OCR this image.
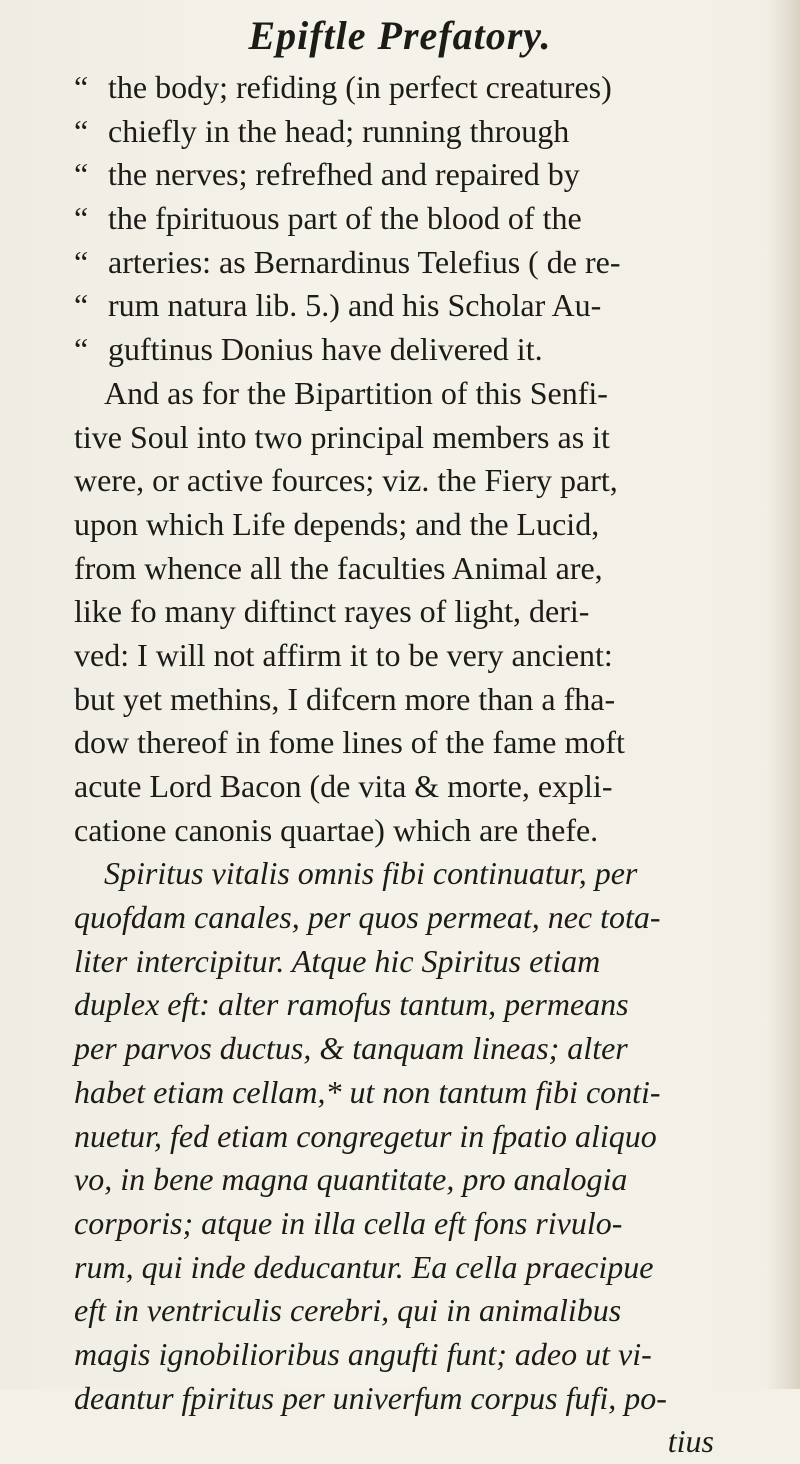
Epiftle Prefatory.
“ the body; refiding (in perfect creatures)
“ chiefly in the head; running through
“ the nerves; refrefhed and repaired by
“ the fpirituous part of the blood of the
“ arteries: as Bernardinus Telefius ( de re-
“ rum natura lib. 5.) and his Scholar Au-
“ guftinus Donius have delivered it.
And as for the Bipartition of this Senfi-
tive Soul into two principal members as it
were, or active fources; viz. the Fiery part,
upon which Life depends; and the Lucid,
from whence all the faculties Animal are,
like fo many diftinct rayes of light, deri-
ved: I will not affirm it to be very ancient:
but yet methins, I difcern more than a fha-
dow thereof in fome lines of the fame moft
acute Lord Bacon (de vita & morte, expli-
catione canonis quartae) which are thefe.
Spiritus vitalis omnis fibi continuatur, per
quofdam canales, per quos permeat, nec tota-
liter intercipitur. Atque hic Spiritus etiam
duplex eft: alter ramofus tantum, permeans
per parvos ductus, & tanquam lineas; alter
habet etiam cellam,* ut non tantum fibi conti-
nuetur, fed etiam congregetur in fpatio aliquo
vo, in bene magna quantitate, pro analogia
corporis; atque in illa cella eft fons rivulo-
rum, qui inde deducantur. Ea cella praecipue
eft in ventriculis cerebri, qui in animalibus
magis ignobilioribus angufti funt; adeo ut vi-
deantur fpiritus per univerfum corpus fufi, po-
tius
